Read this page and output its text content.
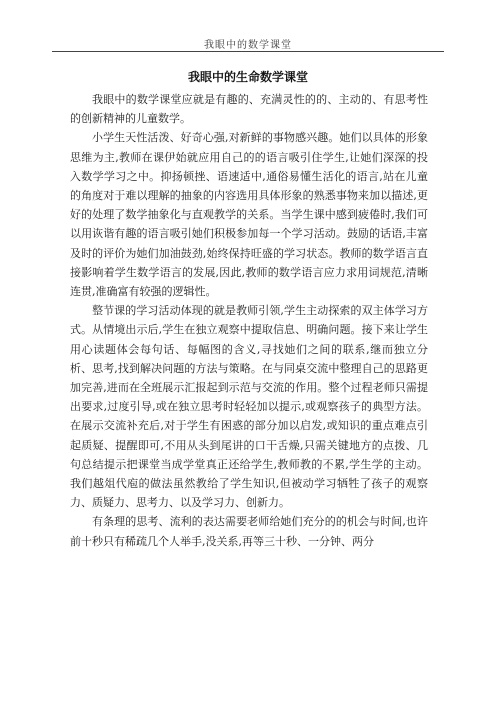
我眼中的数学课堂
我眼中的生命数学课堂

我眼中的数学课堂应就是有趣的、充满灵性的的、主动的、有思考性的创新精神的儿童数学。

小学生天性活泼、好奇心强,对新鲜的事物感兴趣。她们以具体的形象思维为主,教师在课伊始就应用自己的的语言吸引住学生,让她们深深的投入数学学习之中。抑扬顿挫、语速适中,通俗易懂生活化的语言,站在儿童的角度对于难以理解的抽象的内容选用具体形象的熟悉事物来加以描述,更好的处理了数学抽象化与直观教学的关系。当学生课中感到疲倦时,我们可以用诙谐有趣的语言吸引她们积极参加每一个学习活动。鼓励的话语,丰富及时的评价为她们加油鼓劲,始终保持旺盛的学习状态。教师的数学语言直接影响着学生数学语言的发展,因此,教师的数学语言应力求用词规范,清晰连贯,准确富有较强的逻辑性。

整节课的学习活动体现的就是教师引领,学生主动探索的双主体学习方式。从情境出示后,学生在独立观察中提取信息、明确问题。接下来让学生用心读题体会每句话、每幅图的含义,寻找她们之间的联系,继而独立分析、思考,找到解决问题的方法与策略。在与同桌交流中整理自己的思路更加完善,进而在全班展示汇报起到示范与交流的作用。整个过程老师只需提出要求,过度引导,或在独立思考时轻轻加以提示,或观察孩子的典型方法。在展示交流补充后,对于学生有困惑的部分加以启发,或知识的重点难点引起质疑、提醒即可,不用从头到尾讲的口干舌燥,只需关键地方的点拨、几句总结提示把课堂当成学堂真正还给学生,教师教的不累,学生学的主动。我们越俎代庖的做法虽然教给了学生知识,但被动学习牺牲了孩子的观察力、质疑力、思考力、以及学习力、创新力。

有条理的思考、流利的表达需要老师给她们充分的的机会与时间,也许前十秒只有稀疏几个人举手,没关系,再等三十秒、一分钟、两分
